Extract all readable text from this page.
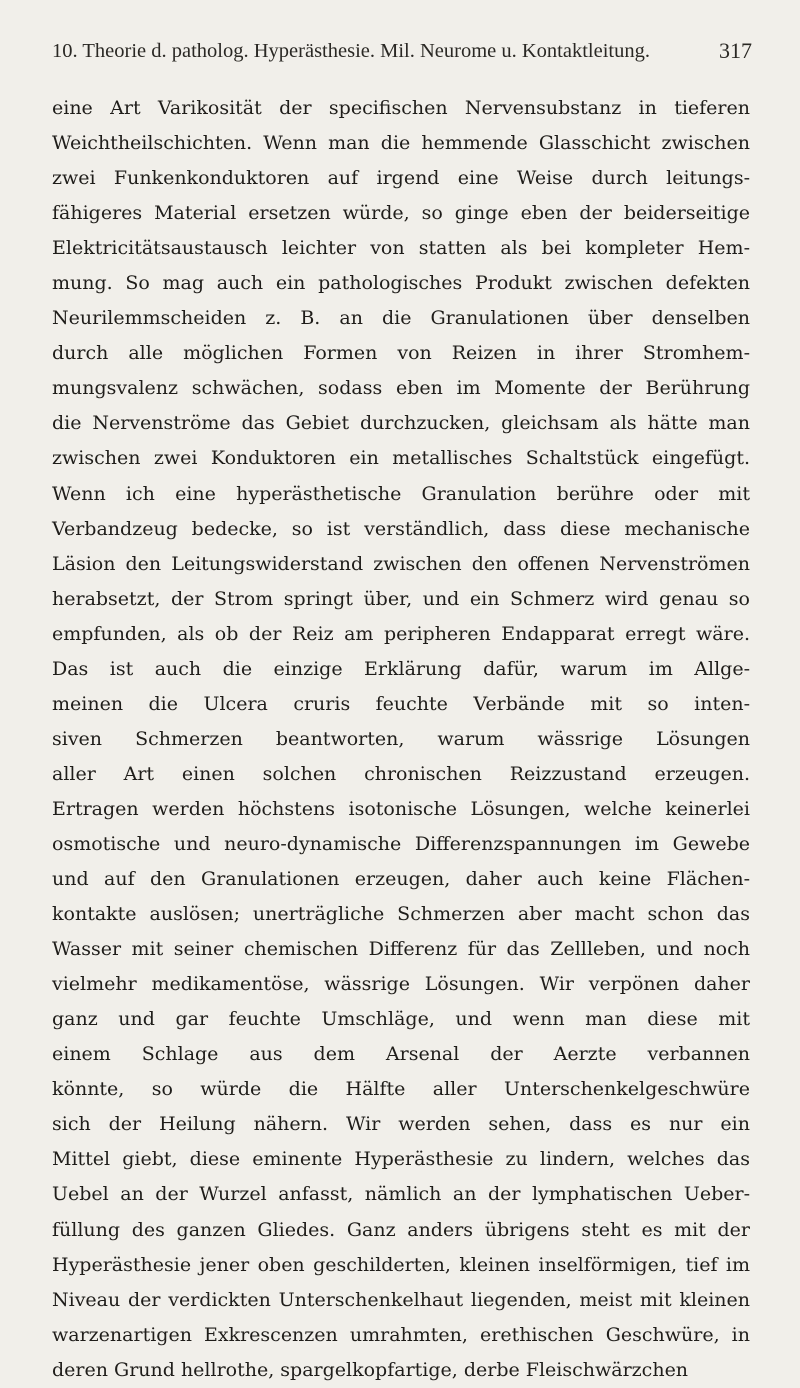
10. Theorie d. patholog. Hyperästhesie. Mil. Neurome u. Kontaktleitung.	317
eine Art Varikosität der specifischen Nervensubstanz in tieferen
Weichtheilschichten. Wenn man die hemmende Glasschicht zwischen
zwei Funkenkonduktoren auf irgend eine Weise durch leitungs-
fähigeres Material ersetzen würde, so ginge eben der beiderseitige
Elektricitätsaustausch leichter von statten als bei kompleter Hem-
mung. So mag auch ein pathologisches Produkt zwischen defekten
Neurilemmscheiden z. B. an die Granulationen über denselben
durch alle möglichen Formen von Reizen in ihrer Stromhem-
mungsvalenz schwächen, sodass eben im Momente der Berührung
die Nervenströme das Gebiet durchzucken, gleichsam als hätte man
zwischen zwei Konduktoren ein metallisches Schaltstück eingefügt.
Wenn ich eine hyperästhetische Granulation berühre oder mit
Verbandzeug bedecke, so ist verständlich, dass diese mechanische
Läsion den Leitungswiderstand zwischen den offenen Nervenströmen
herabsetzt, der Strom springt über, und ein Schmerz wird genau so
empfunden, als ob der Reiz am peripheren Endapparat erregt wäre.
Das ist auch die einzige Erklärung dafür, warum im Allge-
meinen die Ulcera cruris feuchte Verbände mit so inten-
siven Schmerzen beantworten, warum wässrige Lösungen
aller Art einen solchen chronischen Reizzustand erzeugen.
Ertragen werden höchstens isotonische Lösungen, welche keinerlei
osmotische und neuro-dynamische Differenzspannungen im Gewebe
und auf den Granulationen erzeugen, daher auch keine Flächen-
kontakte auslösen; unerträgliche Schmerzen aber macht schon das
Wasser mit seiner chemischen Differenz für das Zellleben, und noch
vielmehr medikamentöse, wässrige Lösungen. Wir verpönen daher
ganz und gar feuchte Umschläge, und wenn man diese mit
einem Schlage aus dem Arsenal der Aerzte verbannen
könnte, so würde die Hälfte aller Unterschenkelgeschwüre
sich der Heilung nähern. Wir werden sehen, dass es nur ein
Mittel giebt, diese eminente Hyperästhesie zu lindern, welches das
Uebel an der Wurzel anfasst, nämlich an der lymphatischen Ueber-
füllung des ganzen Gliedes. Ganz anders übrigens steht es mit der
Hyperästhesie jener oben geschilderten, kleinen inselförmigen, tief im
Niveau der verdickten Unterschenkelhaut liegenden, meist mit kleinen
warzenartigen Exkrescenzen umrahmten, erethischen Geschwüre, in
deren Grund hellrothe, spargelkopfartige, derbe Fleischwärzchen
